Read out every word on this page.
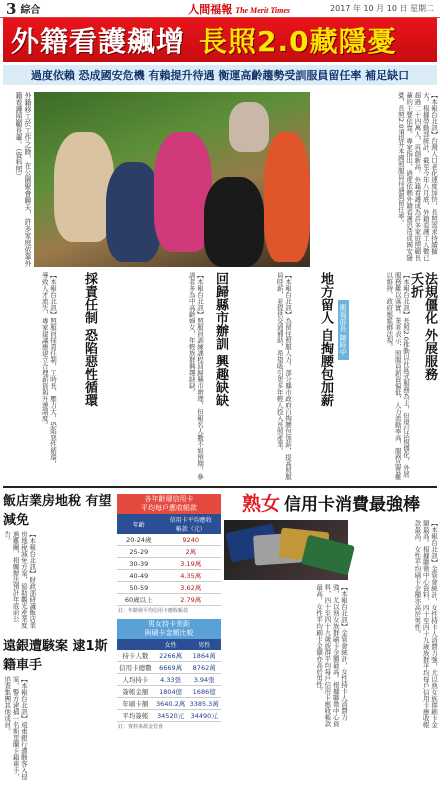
3 綜合	人間福報 The Merit Times	2017 年 10 月 10 日 星期二
外籍看護飆增 長照2.0藏隱憂
過度依賴 恐成國安危機 有賴提升待遇 衡運高齡趨勢受訓服員留任率 補足缺口
外籍移工於工作之餘，在公園聚會聊天，許多家庭依靠外籍看護照顧長輩。（資料照）	【本報台北訊】台灣人口老化速度加快，長照需求持續擴大。根據勞動部統計，截至今年八月底，外籍看護工人數已超過二十四萬人，再創新高，外籍看護成為許多家庭照顧長輩的主要依靠。專家指出，過度依賴外籍看護恐造成國安隱憂，長照2.0須提升本國照服員待遇與留任率。
法規僵化 外展服務夭折
【本報台北訊】長照2.0推動以社區式服務為主，但現行法規僵化，外展服務難以落實。業者表示，照服員薪資偏低，人力流動率高，服務品質難以維持，政府應鬆綁法規。
衛福部長 陳時中
地方留人 自掏腰包加薪
【本報台北訊】為留住照服人力，部分縣市政府自掏腰包加薪，提高照服員時薪，並提供交通補助，希望吸引更多年輕人投入長照產業。
回歸縣市辦訓 興趣缺缺
【本報台北訊】照服員訓練課程回歸縣市辦理，但報名人數不如預期，參訓者多為中高齡婦女，年輕族群興趣缺缺。
採責任制 恐陷惡性循環
【本報台北訊】照服員採責任制，工時長、壓力大，恐陷惡性循環，導致人才流失，專家建議應建立合理薪資與升遷制度。
飯店業房地稅 有望減免
【本報台北訊】財政部研議飯店業房地稅減免方案，協助觀光產業度過難關，相關辦法預計年底前公告。
遠銀遭駭案 逮1斯籍車手
【本報台北訊】遠東銀行遭駭客入侵案，警方逮捕一名斯里蘭卡籍車手，追查集團其他成員。
各年齡層信用卡
平均每戶應收帳款
年齡	信用卡平均應收
帳款（元）
20-24歲	9240
25-29	2萬
30-39	3.19萬
40-49	4.35萬
50-59	3.62萬
60歲以上	2.79萬
註：年齡層平均信用卡應收帳款
男女持卡差距
與刷卡金額比較
	女性	男性
持卡人數	2266萬	1864萬
信用卡總數	6669萬	8762萬
人均持卡	4.33張	3.94張
簽帳金額	1804億	1686億
年刷卡額	3640.2萬	3385.3萬
平均簽帳	34520元	34490元
註：資料來源金管會
熟女 信用卡消費最強棒
【本報台北訊】金管會統計，女性持卡人消費力強，尤以熟女族群刷卡金額最高。根據聯徵中心資料，四十至四十九歲族群平均每戶信用卡應收帳款最高，女性平均刷卡金額亦高於男性。
【本報台北訊】金管會統計，女性持卡人消費力強，尤以熟女族群刷卡金額最高。根據聯徵中心資料，四十至四十九歲族群平均每戶信用卡應收帳款最高，女性平均刷卡金額亦高於男性。
